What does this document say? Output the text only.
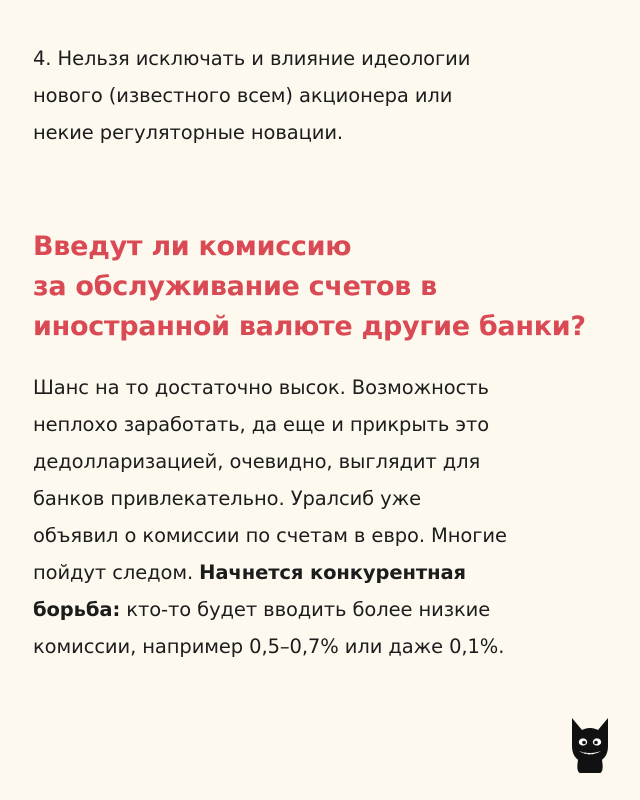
4. Нельзя исключать и влияние идеологии
нового (известного всем) акционера или
некие регуляторные новации.

Введут ли комиссию
за обслуживание счетов в
иностранной валюте другие банки?

Шанс на то достаточно высок. Возможность
неплохо заработать, да еще и прикрыть это
дедолларизацией, очевидно, выглядит для
банков привлекательно. Уралсиб уже
объявил о комиссии по счетам в евро. Многие
пойдут следом. Начнется конкурентная
борьба: кто-то будет вводить более низкие
комиссии, например 0,5–0,7% или даже 0,1%.
